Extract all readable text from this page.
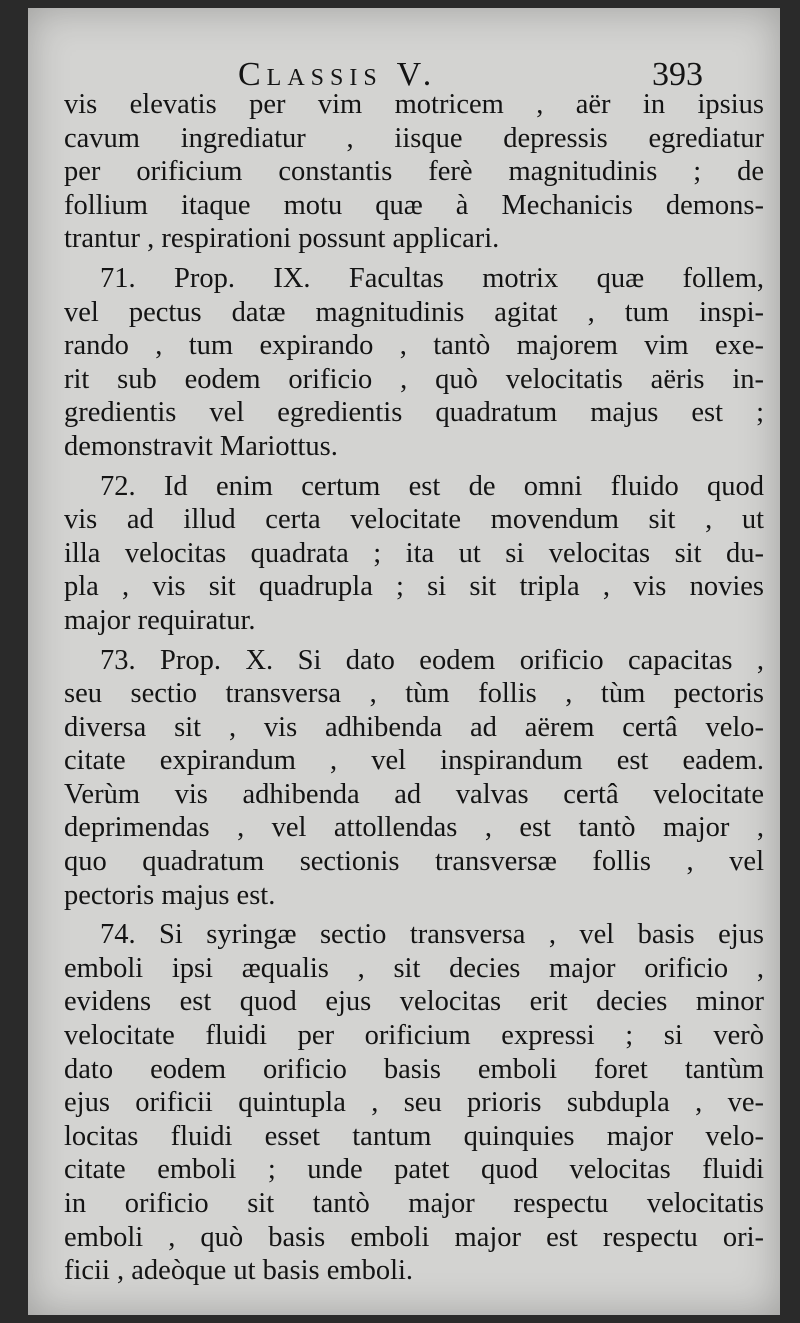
Classis V.	393
vis elevatis per vim motricem , aër in ipsius
cavum ingrediatur , iisque depressis egrediatur
per orificium constantis ferè magnitudinis ; de
follium itaque motu quæ à Mechanicis demons-
trantur , respirationi possunt applicari.
71. Prop. IX. Facultas motrix quæ follem,
vel pectus datæ magnitudinis agitat , tum inspi-
rando , tum expirando , tantò majorem vim exe-
rit sub eodem orificio , quò velocitatis aëris in-
gredientis vel egredientis quadratum majus est ;
demonstravit Mariottus.
72. Id enim certum est de omni fluido quod
vis ad illud certa velocitate movendum sit , ut
illa velocitas quadrata ; ita ut si velocitas sit du-
pla , vis sit quadrupla ; si sit tripla , vis novies
major requiratur.
73. Prop. X. Si dato eodem orificio capacitas ,
seu sectio transversa , tùm follis , tùm pectoris
diversa sit , vis adhibenda ad aërem certâ velo-
citate expirandum , vel inspirandum est eadem.
Verùm vis adhibenda ad valvas certâ velocitate
deprimendas , vel attollendas , est tantò major ,
quo quadratum sectionis transversæ follis , vel
pectoris majus est.
74. Si syringæ sectio transversa , vel basis ejus
emboli ipsi æqualis , sit decies major orificio ,
evidens est quod ejus velocitas erit decies minor
velocitate fluidi per orificium expressi ; si verò
dato eodem orificio basis emboli foret tantùm
ejus orificii quintupla , seu prioris subdupla , ve-
locitas fluidi esset tantum quinquies major velo-
citate emboli ; unde patet quod velocitas fluidi
in orificio sit tantò major respectu velocitatis
emboli , quò basis emboli major est respectu ori-
ficii , adeòque ut basis emboli.
